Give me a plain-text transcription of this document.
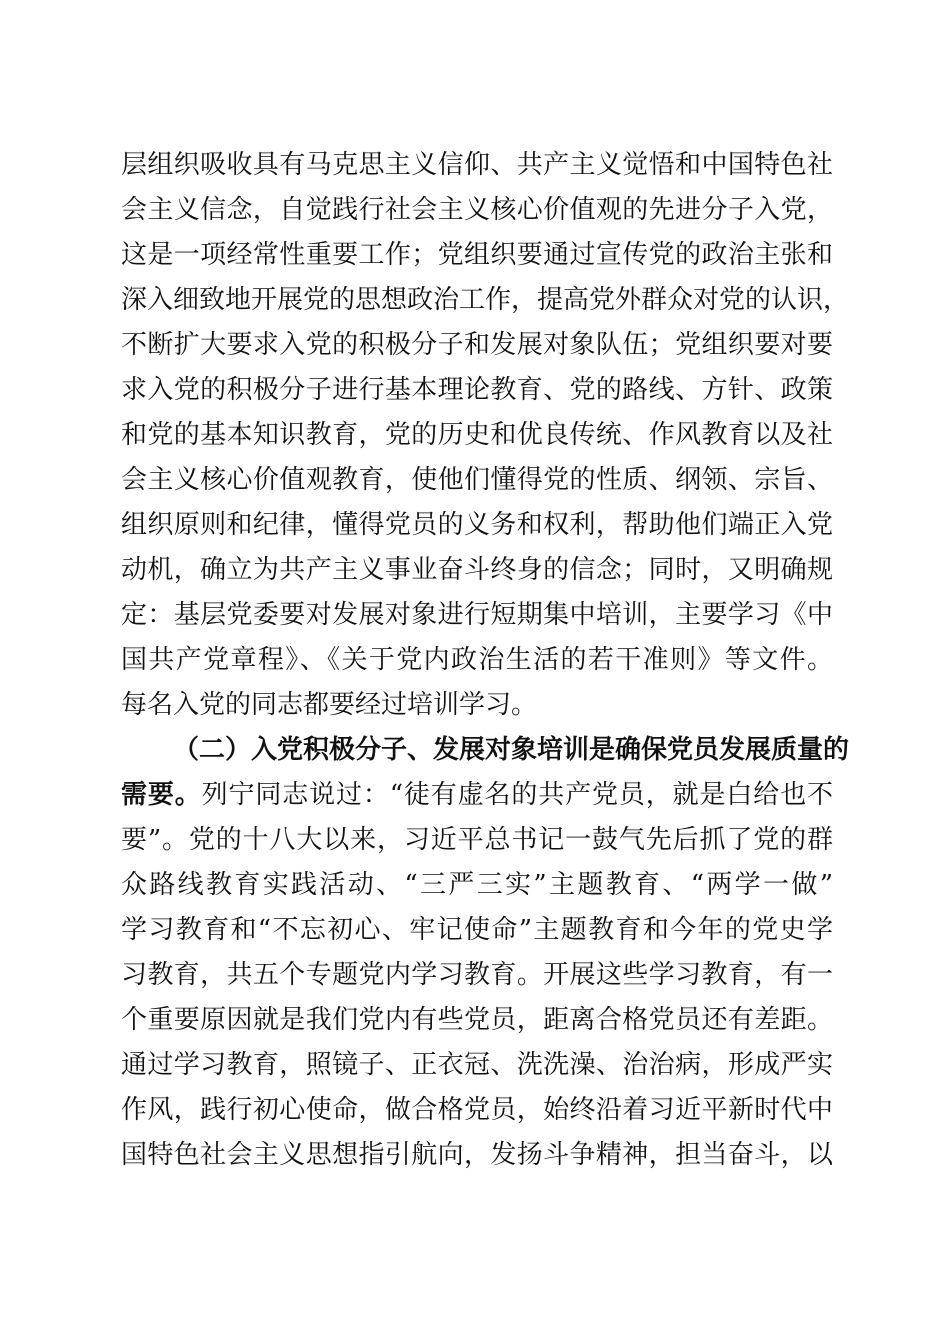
层组织吸收具有马克思主义信仰、共产主义觉悟和中国特色社
会主义信念，自觉践行社会主义核心价值观的先进分子入党，
这是一项经常性重要工作；党组织要通过宣传党的政治主张和
深入细致地开展党的思想政治工作，提高党外群众对党的认识，
不断扩大要求入党的积极分子和发展对象队伍；党组织要对要
求入党的积极分子进行基本理论教育、党的路线、方针、政策
和党的基本知识教育，党的历史和优良传统、作风教育以及社
会主义核心价值观教育，使他们懂得党的性质、纲领、宗旨、
组织原则和纪律，懂得党员的义务和权利，帮助他们端正入党
动机，确立为共产主义事业奋斗终身的信念；同时，又明确规
定：基层党委要对发展对象进行短期集中培训，主要学习《中
国共产党章程》、《关于党内政治生活的若干准则》等文件。
每名入党的同志都要经过培训学习。
（二）入党积极分子、发展对象培训是确保党员发展质量的
需要。列宁同志说过：“徒有虚名的共产党员，就是白给也不
要”。党的十八大以来，习近平总书记一鼓气先后抓了党的群
众路线教育实践活动、“三严三实”主题教育、“两学一做”
学习教育和“不忘初心、牢记使命”主题教育和今年的党史学
习教育，共五个专题党内学习教育。开展这些学习教育，有一
个重要原因就是我们党内有些党员，距离合格党员还有差距。
通过学习教育，照镜子、正衣冠、洗洗澡、治治病，形成严实
作风，践行初心使命，做合格党员，始终沿着习近平新时代中
国特色社会主义思想指引航向，发扬斗争精神，担当奋斗，以
